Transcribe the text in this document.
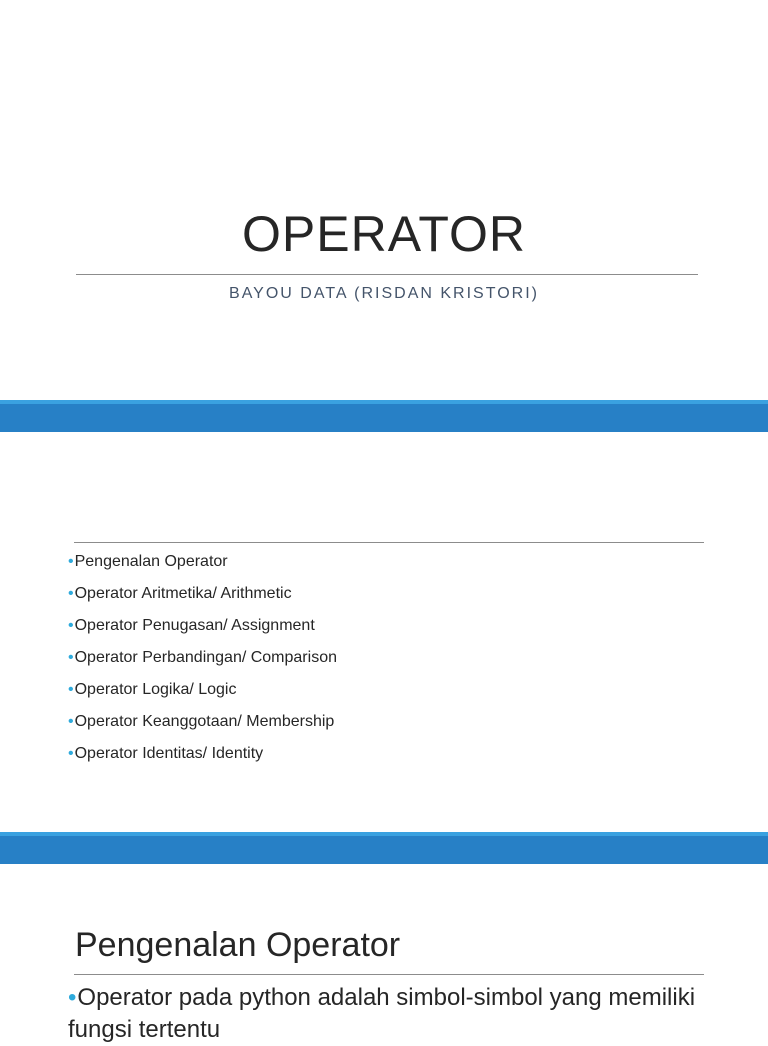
OPERATOR
BAYOU DATA (RISDAN KRISTORI)
•Pengenalan Operator
•Operator Aritmetika/ Arithmetic
•Operator Penugasan/ Assignment
•Operator Perbandingan/ Comparison
•Operator Logika/ Logic
•Operator Keanggotaan/ Membership
•Operator Identitas/ Identity
Pengenalan Operator
•Operator pada python adalah simbol-simbol yang memiliki fungsi tertentu
